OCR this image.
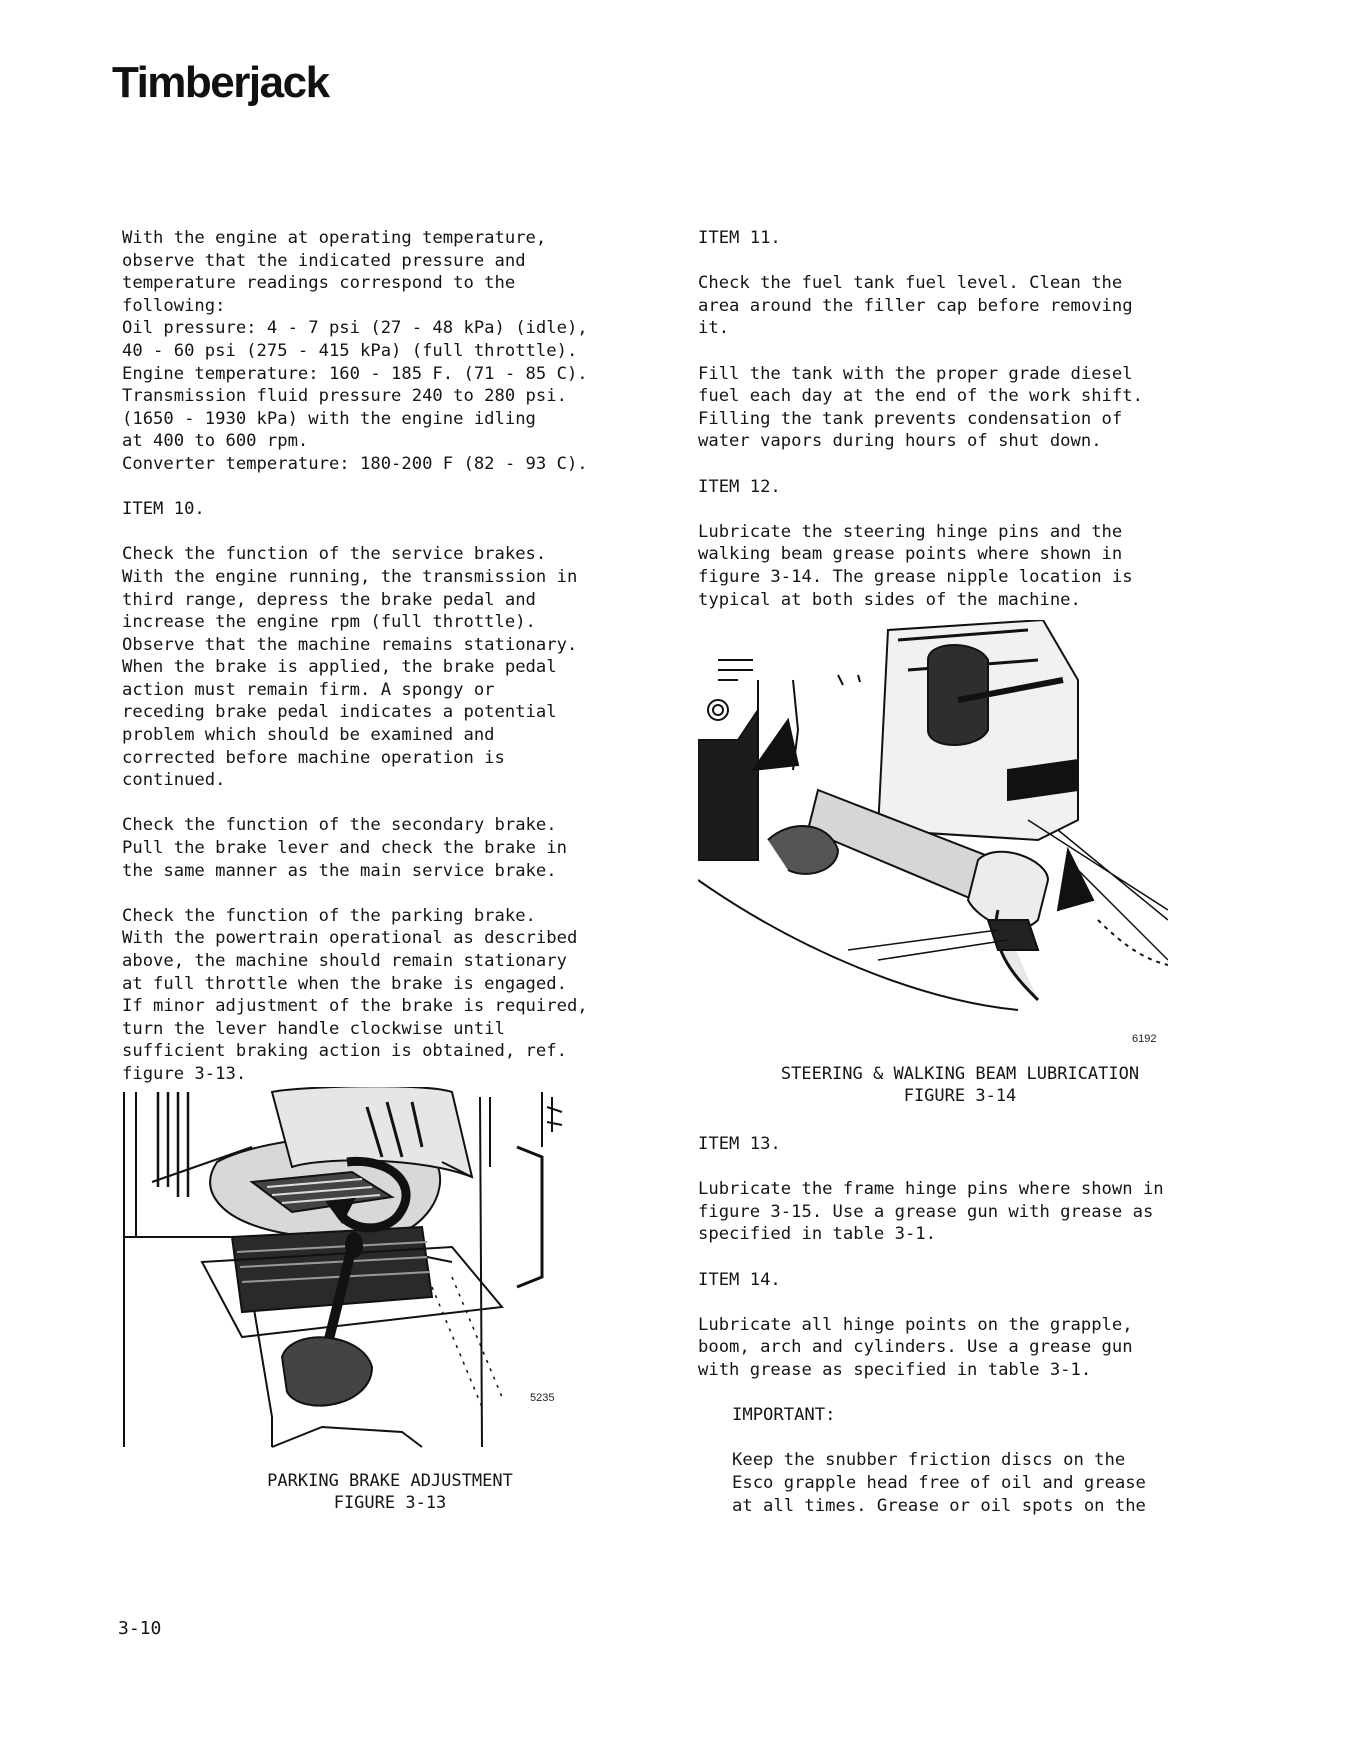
Timberjack

With the engine at operating temperature,
observe that the indicated pressure and
temperature readings correspond to the
following:
Oil pressure: 4 - 7 psi (27 - 48 kPa) (idle),
40 - 60 psi (275 - 415 kPa) (full throttle).
Engine temperature: 160 - 185 F. (71 - 85 C).
Transmission fluid pressure 240 to 280 psi.
(1650 - 1930 kPa) with the engine idling
at 400 to 600 rpm.
Converter temperature: 180-200 F (82 - 93 C).

ITEM 10.

Check the function of the service brakes.
With the engine running, the transmission in
third range, depress the brake pedal and
increase the engine rpm (full throttle).
Observe that the machine remains stationary.
When the brake is applied, the brake pedal
action must remain firm. A spongy or
receding brake pedal indicates a potential
problem which should be examined and
corrected before machine operation is
continued.

Check the function of the secondary brake.
Pull the brake lever and check the brake in
the same manner as the main service brake.

Check the function of the parking brake.
With the powertrain operational as described
above, the machine should remain stationary
at full throttle when the brake is engaged.
If minor adjustment of the brake is required,
turn the lever handle clockwise until
sufficient braking action is obtained, ref.
figure 3-13.

5235
PARKING BRAKE ADJUSTMENT
FIGURE 3-13

ITEM 11.

Check the fuel tank fuel level. Clean the
area around the filler cap before removing
it.

Fill the tank with the proper grade diesel
fuel each day at the end of the work shift.
Filling the tank prevents condensation of
water vapors during hours of shut down.

ITEM 12.

Lubricate the steering hinge pins and the
walking beam grease points where shown in
figure 3-14. The grease nipple location is
typical at both sides of the machine.

6192
STEERING & WALKING BEAM LUBRICATION
FIGURE 3-14

ITEM 13.

Lubricate the frame hinge pins where shown in
figure 3-15. Use a grease gun with grease as
specified in table 3-1.

ITEM 14.

Lubricate all hinge points on the grapple,
boom, arch and cylinders. Use a grease gun
with grease as specified in table 3-1.

IMPORTANT:

Keep the snubber friction discs on the
Esco grapple head free of oil and grease
at all times. Grease or oil spots on the

3-10
